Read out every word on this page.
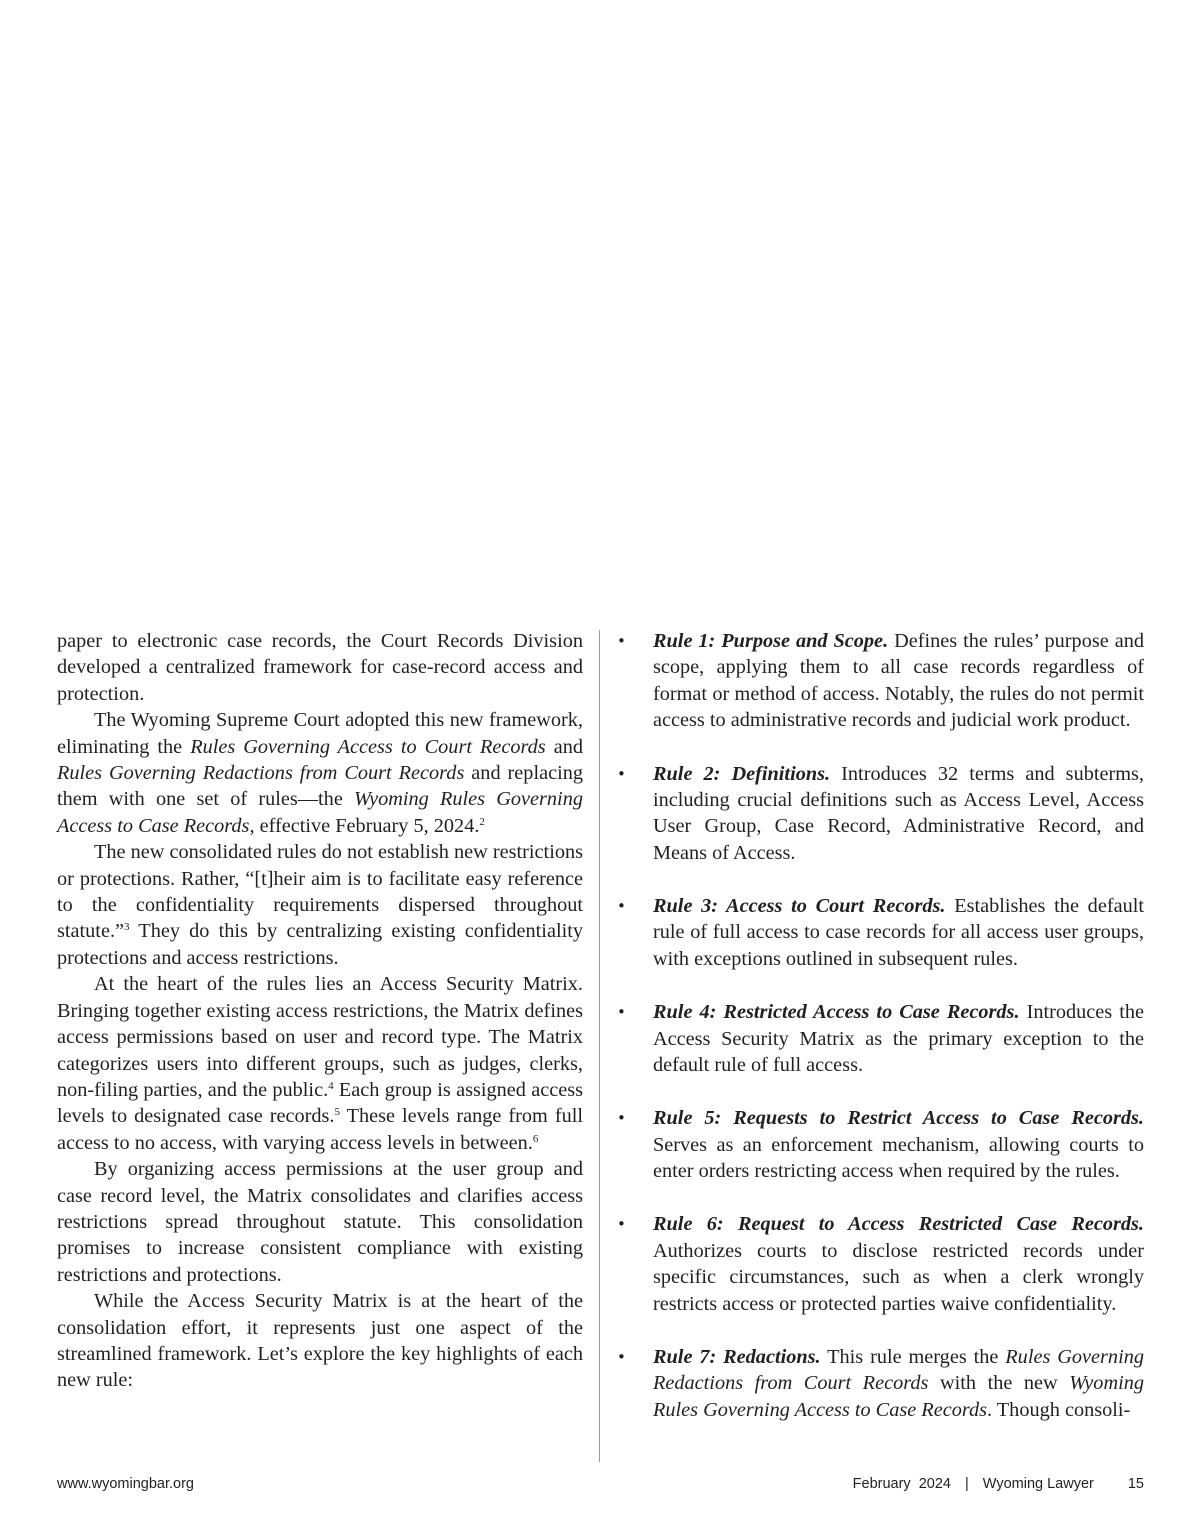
paper to electronic case records, the Court Records Division developed a centralized framework for case-record access and protection.

The Wyoming Supreme Court adopted this new framework, eliminating the Rules Governing Access to Court Records and Rules Governing Redactions from Court Records and replacing them with one set of rules—the Wyoming Rules Governing Access to Case Records, effective February 5, 2024.$^2$

The new consolidated rules do not establish new restrictions or protections. Rather, “[t]heir aim is to facilitate easy reference to the confidentiality requirements dispersed throughout statute.”$^3$ They do this by centralizing existing confidentiality protections and access restrictions.

At the heart of the rules lies an Access Security Matrix. Bringing together existing access restrictions, the Matrix defines access permissions based on user and record type. The Matrix categorizes users into different groups, such as judges, clerks, non-filing parties, and the public.$^4$ Each group is assigned access levels to designated case records.$^5$ These levels range from full access to no access, with varying access levels in between.$^6$

By organizing access permissions at the user group and case record level, the Matrix consolidates and clarifies access restrictions spread throughout statute. This consolidation promises to increase consistent compliance with existing restrictions and protections.

While the Access Security Matrix is at the heart of the consolidation effort, it represents just one aspect of the streamlined framework. Let’s explore the key highlights of each new rule:

• Rule 1: Purpose and Scope. Defines the rules’ purpose and scope, applying them to all case records regardless of format or method of access. Notably, the rules do not permit access to administrative records and judicial work product.
• Rule 2: Definitions. Introduces 32 terms and subterms, including crucial definitions such as Access Level, Access User Group, Case Record, Administrative Record, and Means of Access.
• Rule 3: Access to Court Records. Establishes the default rule of full access to case records for all access user groups, with exceptions outlined in subsequent rules.
• Rule 4: Restricted Access to Case Records. Introduces the Access Security Matrix as the primary exception to the default rule of full access.
• Rule 5: Requests to Restrict Access to Case Records. Serves as an enforcement mechanism, allowing courts to enter orders restricting access when required by the rules.
• Rule 6: Request to Access Restricted Case Records. Authorizes courts to disclose restricted records under specific circumstances, such as when a clerk wrongly restricts access or protected parties waive confidentiality.
• Rule 7: Redactions. This rule merges the Rules Governing Redactions from Court Records with the new Wyoming Rules Governing Access to Case Records. Though consoli-
www.wyomingbar.org	February  2024 | Wyoming Lawyer 15
